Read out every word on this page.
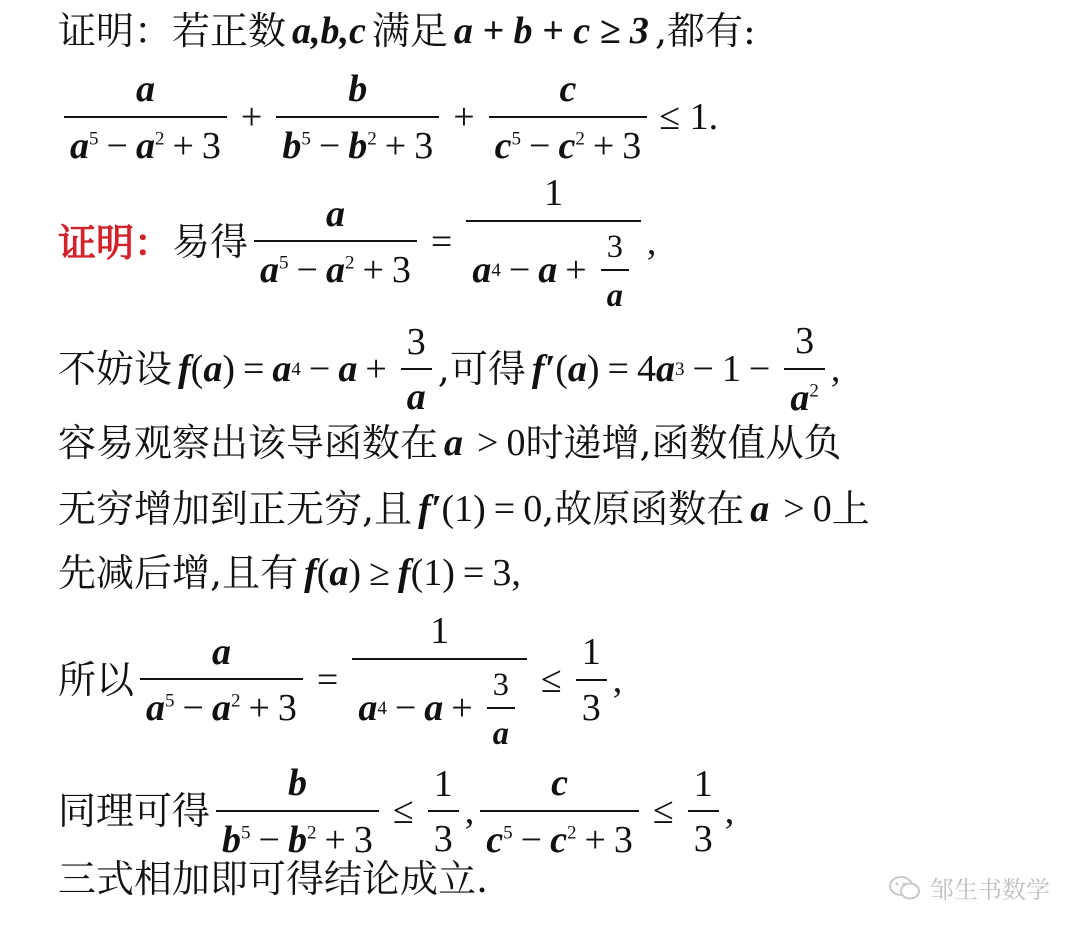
证明：若正数 a,b,c 满足 a + b + c ≥ 3 ,都有:
$\frac{a}{a^5 - a^2 + 3} + \frac{b}{b^5 - b^2 + 3} + \frac{c}{c^5 - c^2 + 3} \le 1$.
证明： 易得 $\frac{a}{a^5 - a^2 + 3} = \frac{1}{a 4 - a + \frac{3}{a}}$ ,
不妨设 f ( a ) = a $4 - a + \frac{3}{a}$ ,可得 f′ ( a ) = 4 a $3 - 1 - \frac{3}{a^2}$ ,
容易观察出该导函数在 a > 0 时递增,函数值从负
无穷增加到正无穷,且 f′ (1) = 0 ,故原函数在 a > 0 上
先减后增,且有 f ( a ) ≥ f (1) = 3,
所以 $\frac{a}{a^5 - a^2 + 3} = \frac{1}{a 4 - a + \frac{3}{a}} \le \frac{1}{3}$ ,
同理可得 $\frac{b}{b^5 - b^2 + 3} \le \frac{1}{3}$ , $\frac{c}{c^5 - c^2 + 3} \le \frac{1}{3}$ ,
三式相加即可得结论成立.	邹生书数学
